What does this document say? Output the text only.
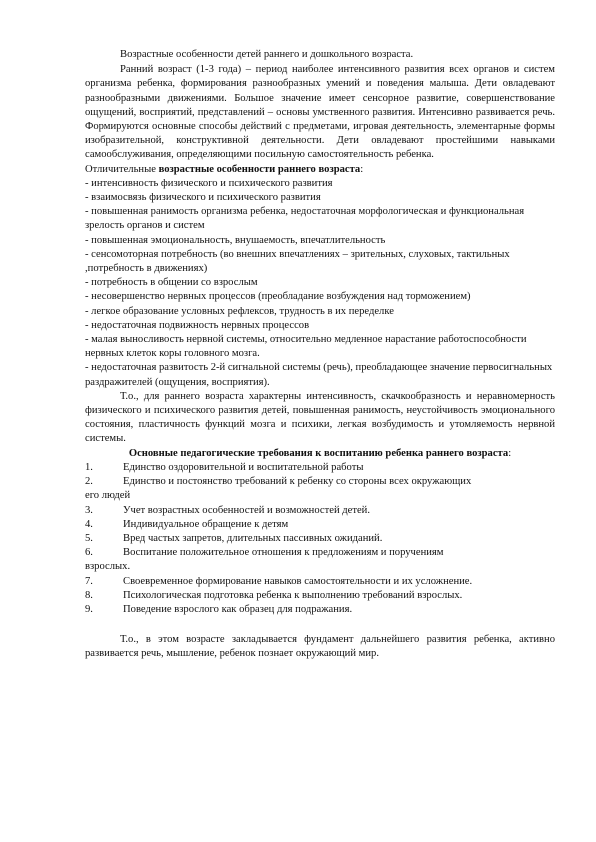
Возрастные особенности детей раннего и дошкольного возраста.

Ранний возраст (1-3 года) – период наиболее интенсивного развития всех органов и систем организма ребенка, формирования разнообразных умений и поведения малыша. Дети овладевают разнообразными движениями. Большое значение имеет сенсорное развитие, совершенствование ощущений, восприятий, представлений – основы умственного развития. Интенсивно развивается речь. Формируются основные способы действий с предметами, игровая деятельность, элементарные формы изобразительной, конструктивной деятельности. Дети овладевают простейшими навыками самообслуживания, определяющими посильную самостоятельность ребенка.

Отличительные возрастные особенности раннего возраста:

- интенсивность физического и психического развития

- взаимосвязь физического и психического развития

- повышенная ранимость организма ребенка, недостаточная морфологическая и функциональная зрелость органов и систем

- повышенная эмоциональность, внушаемость, впечатлительность

- сенсомоторная потребность (во внешних впечатлениях – зрительных, слуховых, тактильных ,потребность в движениях)

- потребность в общении со взрослым

- несовершенство нервных процессов (преобладание возбуждения над торможением)

- легкое образование условных рефлексов, трудность в их переделке

- недостаточная подвижность нервных процессов

- малая выносливость нервной системы, относительно медленное нарастание работоспособности нервных клеток коры головного мозга.

- недостаточная развитость 2-й сигнальной системы (речь), преобладающее значение первосигнальных раздражителей (ощущения, восприятия).

Т.о., для раннего возраста характерны интенсивность, скачкообразность и неравномерность физического и психического развития детей, повышенная ранимость, неустойчивость эмоционального состояния, пластичность функций мозга и психики, легкая возбудимость и утомляемость нервной системы.

Основные педагогические требования к воспитанию ребенка раннего возраста:

1.	Единство оздоровительной и воспитательной работы
2.	Единство и постоянство требований к ребенку со стороны всех окружающих
его людей
3.	Учет возрастных особенностей и возможностей детей.
4.	Индивидуальное обращение к детям
5.	Вред частых запретов, длительных пассивных ожиданий.
6.	Воспитание положительное отношения к предложениям и поручениям
взрослых.
7.	Своевременное формирование навыков самостоятельности и их усложнение.
8.	Психологическая подготовка ребенка к выполнению требований взрослых.
9.	Поведение взрослого как образец для подражания.

Т.о., в этом возрасте закладывается фундамент дальнейшего развития ребенка, активно развивается речь, мышление, ребенок познает окружающий мир.
